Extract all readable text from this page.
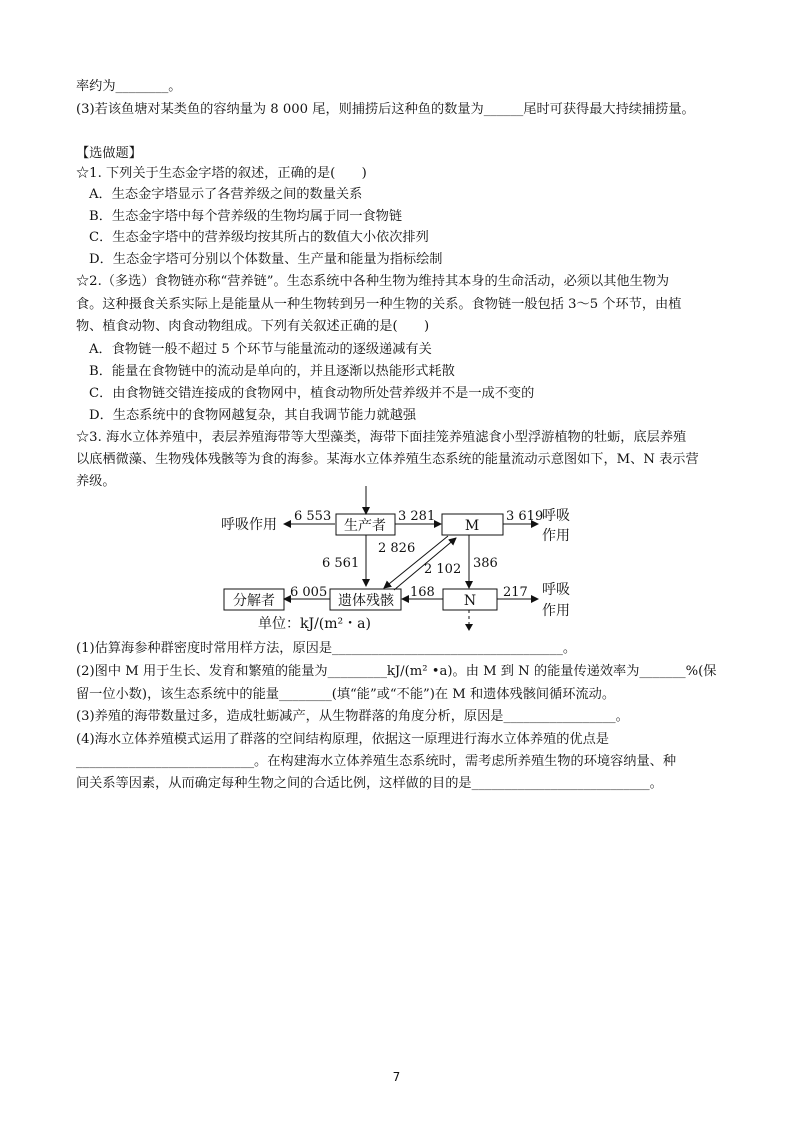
率约为________。
(3)若该鱼塘对某类鱼的容纳量为 8 000 尾，则捕捞后这种鱼的数量为______尾时可获得最大持续捕捞量。
【选做题】
☆1. 下列关于生态金字塔的叙述，正确的是(　　)
A．生态金字塔显示了各营养级之间的数量关系
B．生态金字塔中每个营养级的生物均属于同一食物链
C．生态金字塔中的营养级均按其所占的数值大小依次排列
D．生态金字塔可分别以个体数量、生产量和能量为指标绘制
☆2.（多选）食物链亦称“营养链”。生态系统中各种生物为维持其本身的生命活动，必须以其他生物为
食。这种摄食关系实际上是能量从一种生物转到另一种生物的关系。食物链一般包括 3～5 个环节，由植
物、植食动物、肉食动物组成。下列有关叙述正确的是(　　)
A．食物链一般不超过 5 个环节与能量流动的逐级递减有关
B．能量在食物链中的流动是单向的，并且逐渐以热能形式耗散
C．由食物链交错连接成的食物网中，植食动物所处营养级并不是一成不变的
D．生态系统中的食物网越复杂，其自我调节能力就越强
☆3. 海水立体养殖中，表层养殖海带等大型藻类，海带下面挂笼养殖滤食小型浮游植物的牡蛎，底层养殖
以底栖微藻、生物残体残骸等为食的海参。某海水立体养殖生态系统的能量流动示意图如下，M、N 表示营
养级。
生产者	M
N
遗体残骸
分解者
呼吸作用
呼吸
作用
呼吸
作用
6 553	3 281	3 619
6 561
2 826
2 102 386
6 005	168	217
单位：kJ/(m²・a)
(1)估算海参种群密度时常用样方法，原因是___________________________________。
(2)图中 M 用于生长、发育和繁殖的能量为_________kJ/(m² •a)。由 M 到 N 的能量传递效率为_______%(保
留一位小数)，该生态系统中的能量________(填“能”或“不能”)在 M 和遗体残骸间循环流动。
(3)养殖的海带数量过多，造成牡蛎减产，从生物群落的角度分析，原因是_________________。
(4)海水立体养殖模式运用了群落的空间结构原理，依据这一原理进行海水立体养殖的优点是
___________________________。在构建海水立体养殖生态系统时，需考虑所养殖生物的环境容纳量、种
间关系等因素，从而确定每种生物之间的合适比例，这样做的目的是___________________________。
7
